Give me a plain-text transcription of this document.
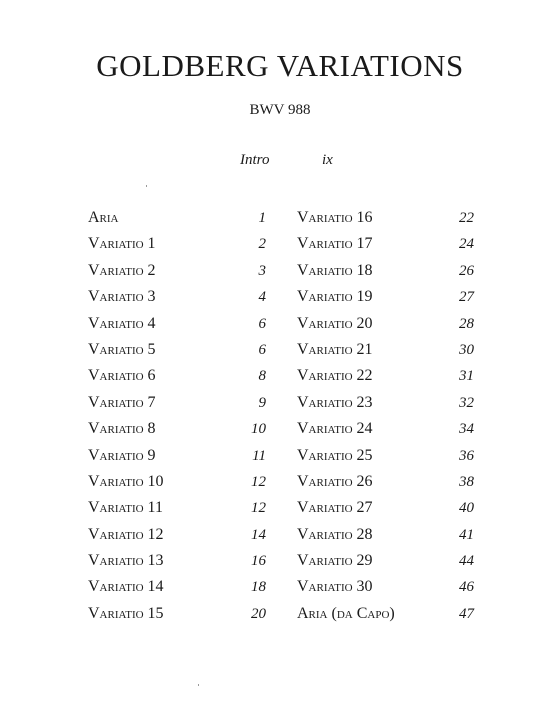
GOLDBERG VARIATIONS
BWV 988
Intro	ix
Aria	1
Variatio 1	2
Variatio 2	3
Variatio 3	4
Variatio 4	6
Variatio 5	6
Variatio 6	8
Variatio 7	9
Variatio 8	10
Variatio 9	11
Variatio 10	12
Variatio 11	12
Variatio 12	14
Variatio 13	16
Variatio 14	18
Variatio 15	20
Variatio 16	22
Variatio 17	24
Variatio 18	26
Variatio 19	27
Variatio 20	28
Variatio 21	30
Variatio 22	31
Variatio 23	32
Variatio 24	34
Variatio 25	36
Variatio 26	38
Variatio 27	40
Variatio 28	41
Variatio 29	44
Variatio 30	46
Aria (da Capo)	47
